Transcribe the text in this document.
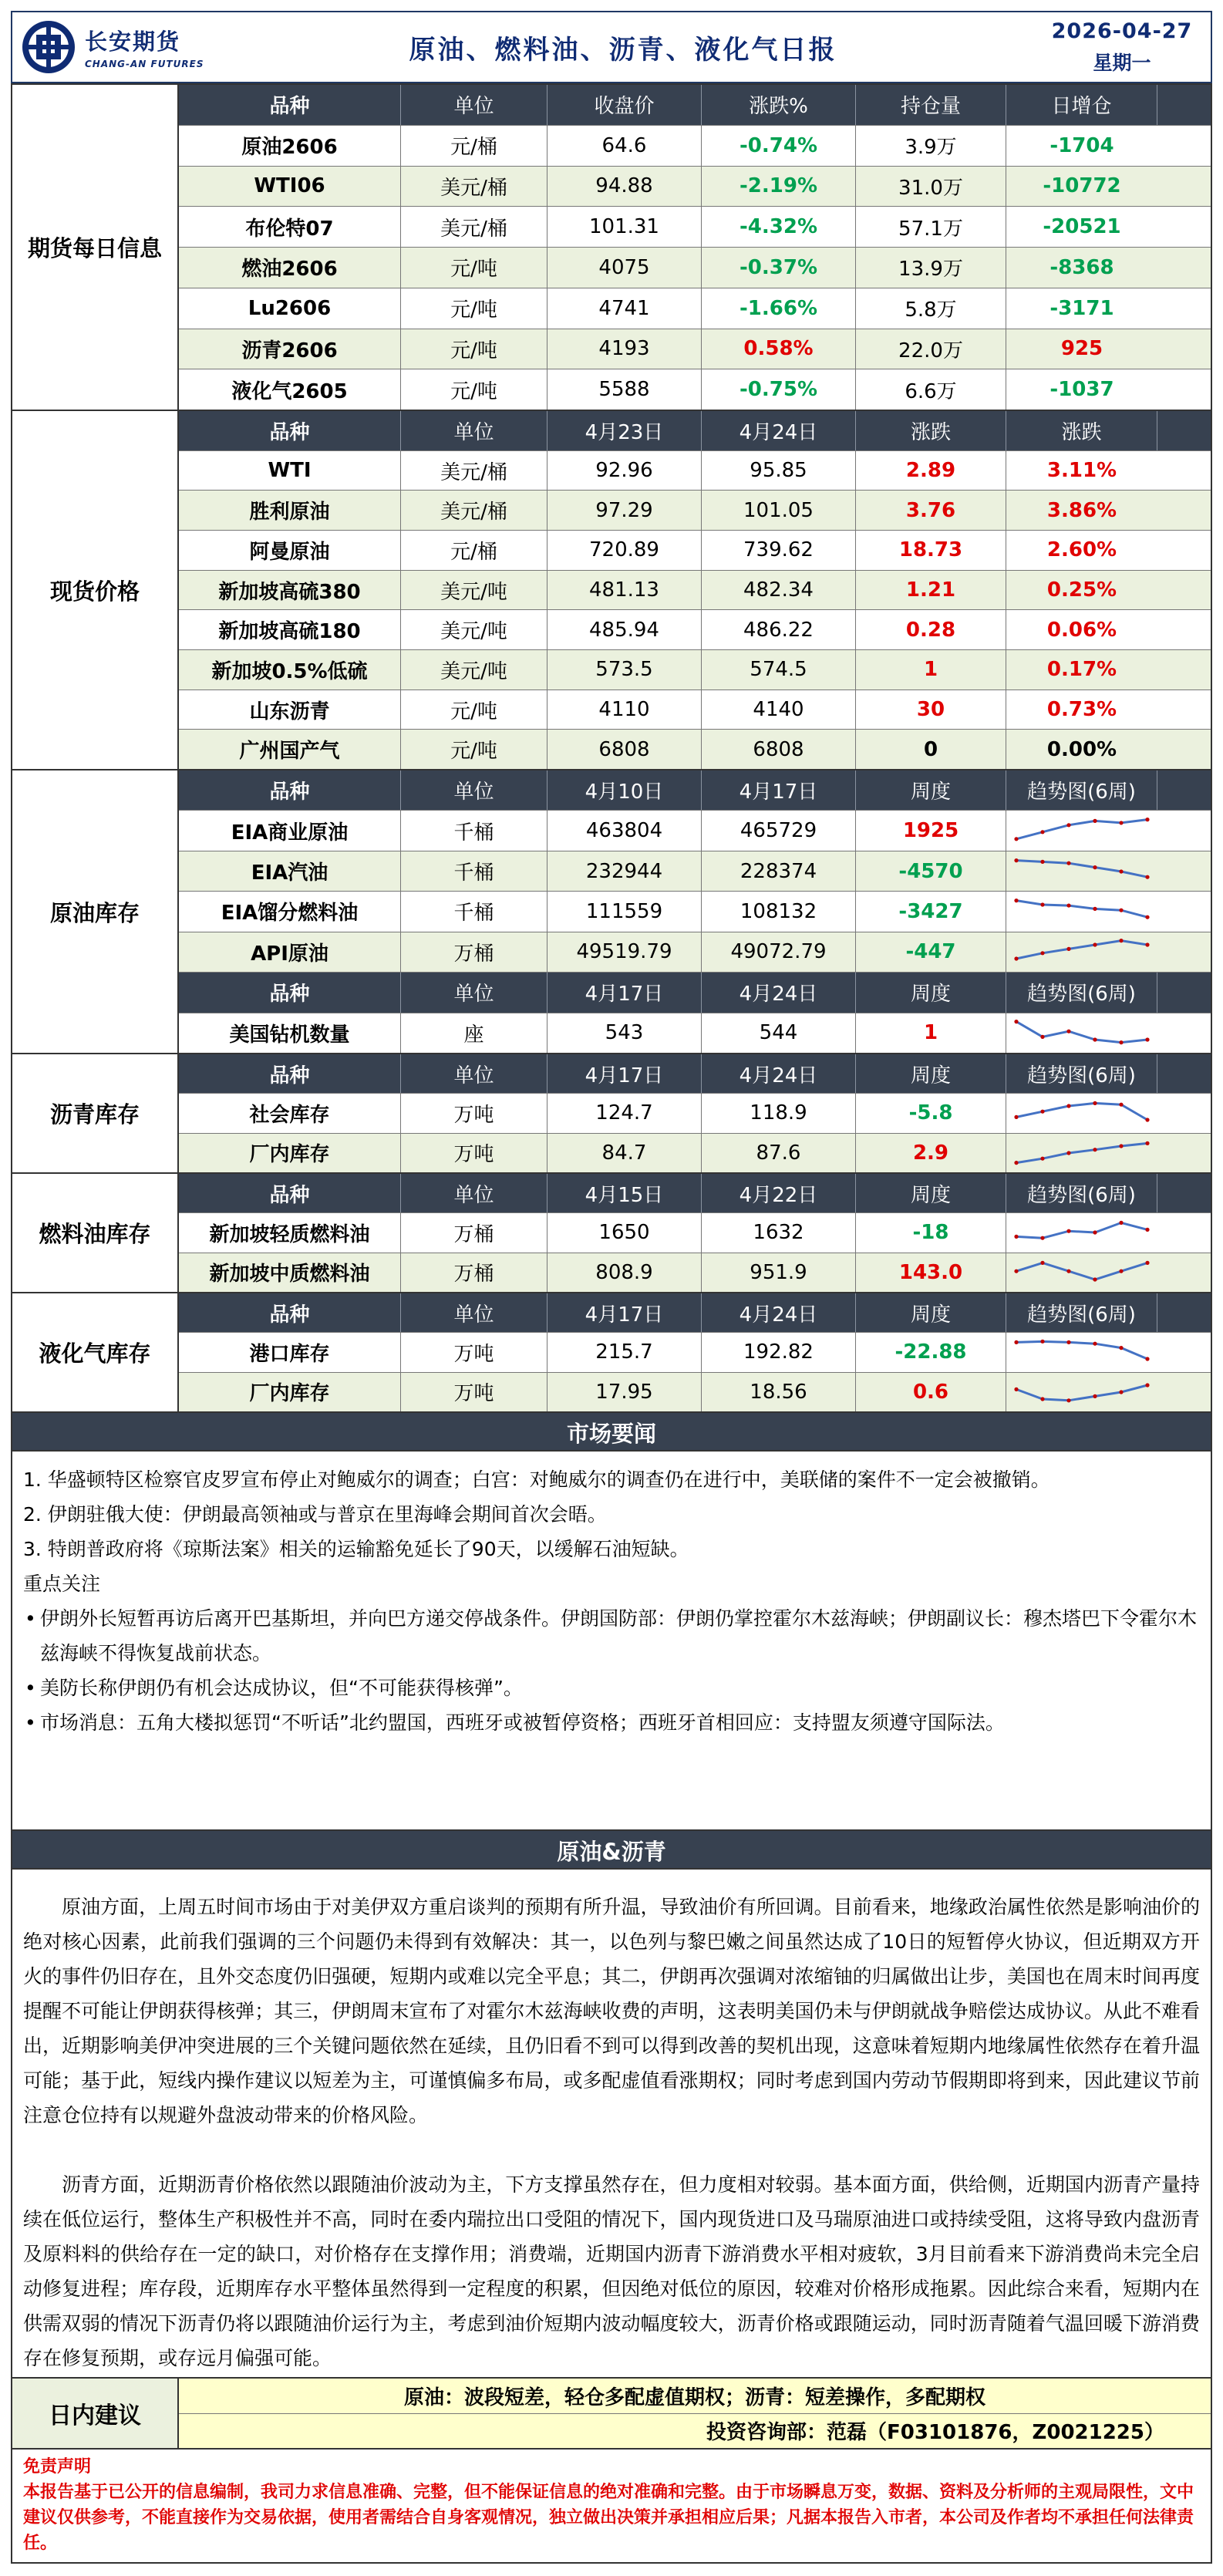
长安期货
CHANG-AN FUTURES	原油、燃料油、沥青、液化气日报
2026-04-27
星期一
期货每日信息
品种	单位	收盘价	涨跌%	持仓量	日增仓
原油2606	元/桶	64.6	-0.74%	3.9万	-1704
WTI06	美元/桶	94.88	-2.19%	31.0万	-10772
布伦特07	美元/桶	101.31	-4.32%	57.1万	-20521
燃油2606	元/吨	4075	-0.37%	13.9万	-8368
Lu2606	元/吨	4741	-1.66%	5.8万	-3171
沥青2606	元/吨	4193	0.58%	22.0万	925
液化气2605	元/吨	5588	-0.75%	6.6万	-1037
现货价格
品种	单位	4月23日	4月24日	涨跌	涨跌
WTI	美元/桶	92.96	95.85	2.89	3.11%
胜利原油	美元/桶	97.29	101.05	3.76	3.86%
阿曼原油	元/桶	720.89	739.62	18.73	2.60%
新加坡高硫380	美元/吨	481.13	482.34	1.21	0.25%
新加坡高硫180	美元/吨	485.94	486.22	0.28	0.06%
新加坡0.5%低硫	美元/吨	573.5	574.5	1	0.17%
山东沥青	元/吨	4110	4140	30	0.73%
广州国产气	元/吨	6808	6808	0	0.00%
原油库存
品种	单位	4月10日	4月17日	周度	趋势图(6周)
EIA商业原油	千桶	463804	465729	1925
EIA汽油	千桶	232944	228374	-4570
EIA馏分燃料油	千桶	111559	108132	-3427
API原油	万桶	49519.79	49072.79	-447
品种	单位	4月17日	4月24日	周度	趋势图(6周)
美国钻机数量	座	543	544	1
沥青库存
品种	单位	4月17日	4月24日	周度	趋势图(6周)
社会库存	万吨	124.7	118.9	-5.8
厂内库存	万吨	84.7	87.6	2.9
燃料油库存
品种	单位	4月15日	4月22日	周度	趋势图(6周)
新加坡轻质燃料油	万桶	1650	1632	-18
新加坡中质燃料油	万桶	808.9	951.9	143.0
液化气库存
品种	单位	4月17日	4月24日	周度	趋势图(6周)
港口库存	万吨	215.7	192.82	-22.88
厂内库存	万吨	17.95	18.56	0.6
市场要闻

1. 华盛顿特区检察官皮罗宣布停止对鲍威尔的调查；白宫：对鲍威尔的调查仍在进行中，美联储的案件不一定会被撤销。

2. 伊朗驻俄大使：伊朗最高领袖或与普京在里海峰会期间首次会晤。

3. 特朗普政府将《琼斯法案》相关的运输豁免延长了90天，以缓解石油短缺。

重点关注

• 伊朗外长短暂再访后离开巴基斯坦，并向巴方递交停战条件。伊朗国防部：伊朗仍掌控霍尔木兹海峡；伊朗副议长：穆杰塔巴下令霍尔木兹海峡不得恢复战前状态。

• 美防长称伊朗仍有机会达成协议，但“不可能获得核弹”。

• 市场消息：五角大楼拟惩罚“不听话”北约盟国，西班牙或被暂停资格；西班牙首相回应：支持盟友须遵守国际法。

原油&沥青

原油方面，上周五时间市场由于对美伊双方重启谈判的预期有所升温，导致油价有所回调。目前看来，地缘政治属性依然是影响油价的绝对核心因素，此前我们强调的三个问题仍未得到有效解决：其一，以色列与黎巴嫩之间虽然达成了10日的短暂停火协议，但近期双方开火的事件仍旧存在，且外交态度仍旧强硬，短期内或难以完全平息；其二，伊朗再次强调对浓缩铀的归属做出让步，美国也在周末时间再度提醒不可能让伊朗获得核弹；其三，伊朗周末宣布了对霍尔木兹海峡收费的声明，这表明美国仍未与伊朗就战争赔偿达成协议。从此不难看出，近期影响美伊冲突进展的三个关键问题依然在延续，且仍旧看不到可以得到改善的契机出现，这意味着短期内地缘属性依然存在着升温可能；基于此，短线内操作建议以短差为主，可谨慎偏多布局，或多配虚值看涨期权；同时考虑到国内劳动节假期即将到来，因此建议节前注意仓位持有以规避外盘波动带来的价格风险。

沥青方面，近期沥青价格依然以跟随油价波动为主，下方支撑虽然存在，但力度相对较弱。基本面方面，供给侧，近期国内沥青产量持续在低位运行，整体生产积极性并不高，同时在委内瑞拉出口受阻的情况下，国内现货进口及马瑞原油进口或持续受阻，这将导致内盘沥青及原料料的供给存在一定的缺口，对价格存在支撑作用；消费端，近期国内沥青下游消费水平相对疲软，3月目前看来下游消费尚未完全启动修复进程；库存段，近期库存水平整体虽然得到一定程度的积累，但因绝对低位的原因，较难对价格形成拖累。因此综合来看，短期内在供需双弱的情况下沥青仍将以跟随油价运行为主，考虑到油价短期内波动幅度较大，沥青价格或跟随运动，同时沥青随着气温回暖下游消费存在修复预期，或存远月偏强可能。

日内建议
原油：波段短差，轻仓多配虚值期权；沥青：短差操作，多配期权
投资咨询部：范磊（F03101876，Z0021225）
免责声明
本报告基于已公开的信息编制，我司力求信息准确、完整，但不能保证信息的绝对准确和完整。由于市场瞬息万变，数据、资料及分析师的主观局限性，文中建议仅供参考，不能直接作为交易依据，使用者需结合自身客观情况，独立做出决策并承担相应后果；凡据本报告入市者，本公司及作者均不承担任何法律责任。
